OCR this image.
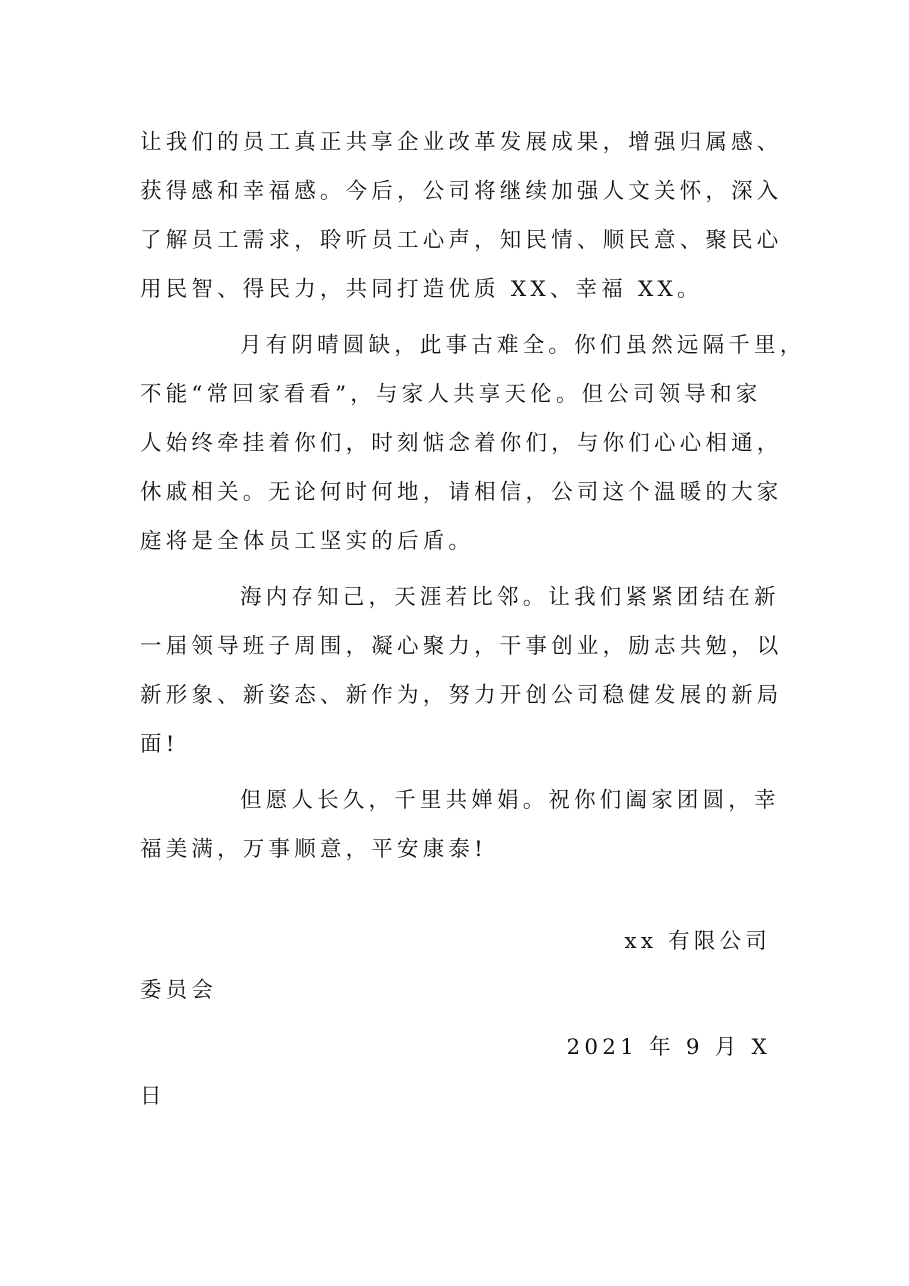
让我们的员工真正共享企业改革发展成果，增强归属感、
获得感和幸福感。今后，公司将继续加强人文关怀，深入
了解员工需求，聆听员工心声，知民情、顺民意、聚民心
用民智、得民力，共同打造优质 XX、幸福 XX。
月有阴晴圆缺，此事古难全。你们虽然远隔千里，
不能“常回家看看”，与家人共享天伦。但公司领导和家
人始终牵挂着你们，时刻惦念着你们，与你们心心相通，
休戚相关。无论何时何地，请相信，公司这个温暖的大家
庭将是全体员工坚实的后盾。
海内存知己，天涯若比邻。让我们紧紧团结在新
一届领导班子周围，凝心聚力，干事创业，励志共勉，以
新形象、新姿态、新作为，努力开创公司稳健发展的新局
面!
但愿人长久，千里共婵娟。祝你们阖家团圆，幸
福美满，万事顺意，平安康泰!
xx 有限公司
委员会
2021 年 9 月 X
日
